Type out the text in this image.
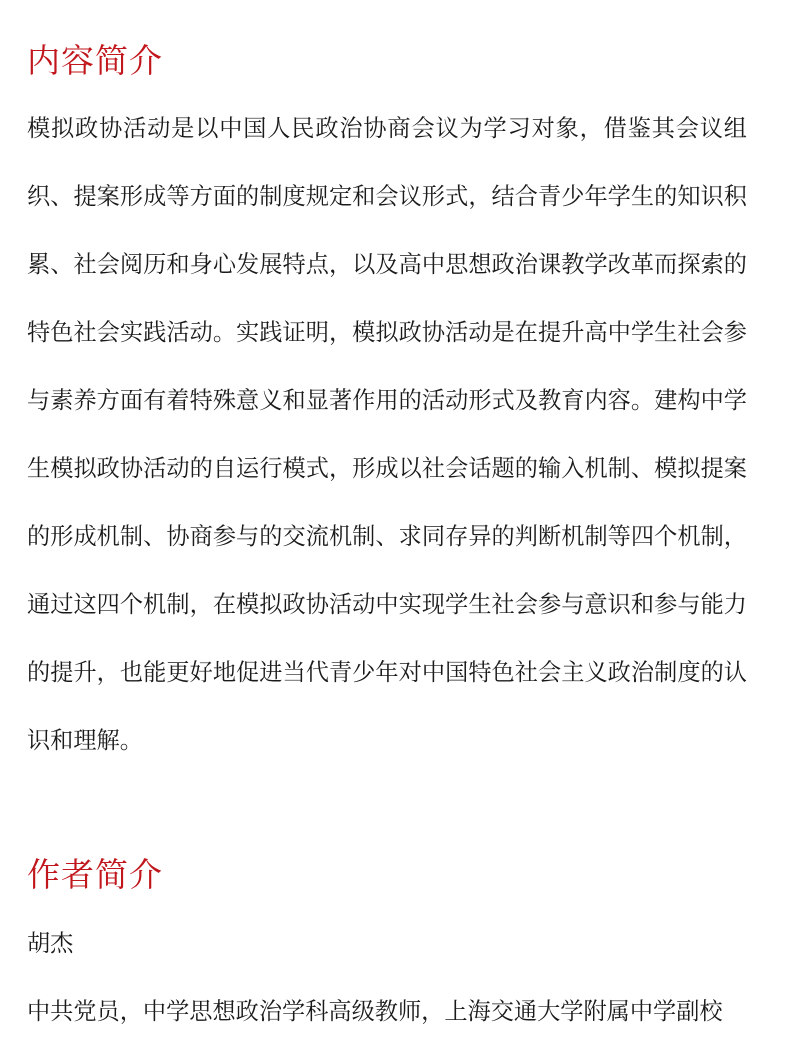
内容简介

模拟政协活动是以中国人民政治协商会议为学习对象，借鉴其会议组织、提案形成等方面的制度规定和会议形式，结合青少年学生的知识积累、社会阅历和身心发展特点，以及高中思想政治课教学改革而探索的特色社会实践活动。实践证明，模拟政协活动是在提升高中学生社会参与素养方面有着特殊意义和显著作用的活动形式及教育内容。建构中学生模拟政协活动的自运行模式，形成以社会话题的输入机制、模拟提案的形成机制、协商参与的交流机制、求同存异的判断机制等四个机制，通过这四个机制，在模拟政协活动中实现学生社会参与意识和参与能力的提升，也能更好地促进当代青少年对中国特色社会主义政治制度的认识和理解。

作者简介

胡杰

中共党员，中学思想政治学科高级教师，上海交通大学附属中学副校
